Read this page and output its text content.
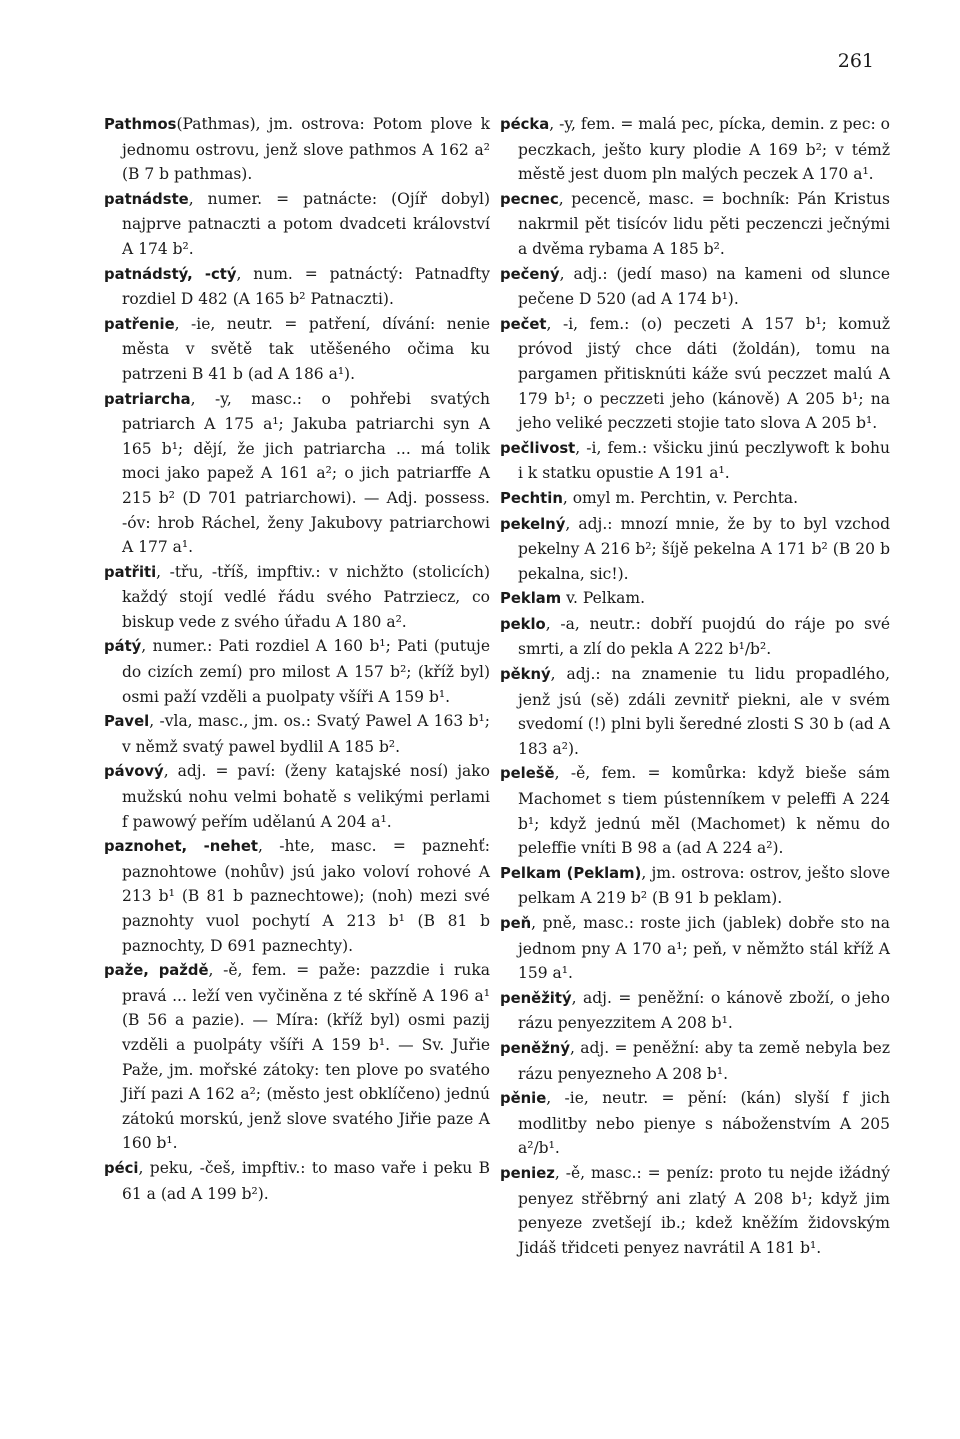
261

Pathmos(Pathmas), jm. ostrova: Potom plove k jednomu ostrovu, jenž slove pathmos A 162 a² (B 7 b pathmas).

patnádste, numer. = patnácte: (Ojíř dobyl) najprve patnaczti a potom dvadceti království A 174 b².

patnádstý, -ctý, num. = patnáctý: Patnadfty rozdiel D 482 (A 165 b² Patnaczti).

patřenie, -ie, neutr. = patření, dívání: nenie města v světě tak utěšeného očima ku patrzeni B 41 b (ad A 186 a¹).

patriarcha, -y, masc.: o pohřebi svatých patriarch A 175 a¹; Jakuba patriarchi syn A 165 b¹; dějí, že jich patriarcha ... má tolik moci jako papež A 161 a²; o jich patriarffe A 215 b² (D 701 patriarchowi). — Adj. possess. -óv: hrob Ráchel, ženy Jakubovy patriarchowi A 177 a¹.

patřiti, -třu, -tříš, impftiv.: v nichžto (stolicích) každý stojí vedlé řádu svého Patrziecz, co biskup vede z svého úřadu A 180 a².

pátý, numer.: Pati rozdiel A 160 b¹; Pati (putuje do cizích zemí) pro milost A 157 b²; (kříž byl) osmi paží vzděli a puolpaty všíři A 159 b¹.

Pavel, -vla, masc., jm. os.: Svatý Pawel A 163 b¹; v němž svatý pawel bydlil A 185 b².

pávový, adj. = paví: (ženy katajské nosí) jako mužskú nohu velmi bohatě s velikými perlami f pawowý peřím udělanú A 204 a¹.

paznohet, -nehet, -hte, masc. = paznehť: paznohtowe (nohův) jsú jako voloví rohové A 213 b¹ (B 81 b paznechtowe); (noh) mezi své paznohty vuol pochytí A 213 b¹ (B 81 b paznochty, D 691 paznechty).

paže, paždě, -ě, fem. = paže: pazzdie i ruka pravá ... leží ven vyčiněna z té skříně A 196 a¹ (B 56 a pazie). — Míra: (kříž byl) osmi pazij vzděli a puolpáty všíři A 159 b¹. — Sv. Juřie Paže, jm. mořské zátoky: ten plove po svatého Jiří pazi A 162 a²; (město jest obklíčeno) jednú zátokú morskú, jenž slove svatého Jiřie paze A 160 b¹.

péci, peku, -češ, impftiv.: to maso vaře i peku B 61 a (ad A 199 b²).

pécka, -y, fem. = malá pec, pícka, demin. z pec: o peczkach, ješto kury plodie A 169 b²; v témž městě jest duom pln malých peczek A 170 a¹.

pecnec, pecencě, masc. = bochník: Pán Kristus nakrmil pět tisícóv lidu pěti peczenczi ječnými a dvěma rybama A 185 b².

pečený, adj.: (jedí maso) na kameni od slunce pečene D 520 (ad A 174 b¹).

pečet, -i, fem.: (o) peczeti A 157 b¹; komuž próvod jistý chce dáti (žoldán), tomu na pargamen přitisknúti káže svú peczzet malú A 179 b¹; o peczzeti jeho (kánově) A 205 b¹; na jeho veliké peczzeti stojie tato slova A 205 b¹.

pečlivost, -i, fem.: všicku jinú peczlywoft k bohu i k statku opustie A 191 a¹.

Pechtin, omyl m. Perchtin, v. Perchta.

pekelný, adj.: mnozí mnie, že by to byl vzchod pekelny A 216 b²; šíjě pekelna A 171 b² (B 20 b pekalna, sic!).

Peklam v. Pelkam.

peklo, -a, neutr.: dobří puojdú do ráje po své smrti, a zlí do pekla A 222 b¹/b².

pěkný, adj.: na znamenie tu lidu propadlého, jenž jsú (sě) zdáli zevnitř piekni, ale v svém svedomí (!) plni byli šeredné zlosti S 30 b (ad A 183 a²).

pelešě, -ě, fem. = komůrka: když bieše sám Machomet s tiem pústenníkem v peleffi A 224 b¹; když jednú měl (Machomet) k němu do peleffie vníti B 98 a (ad A 224 a²).

Pelkam (Peklam), jm. ostrova: ostrov, ješto slove pelkam A 219 b² (B 91 b peklam).

peň, pně, masc.: roste jich (jablek) dobře sto na jednom pny A 170 a¹; peň, v němžto stál kříž A 159 a¹.

peněžitý, adj. = peněžní: o kánově zboží, o jeho rázu penyezzitem A 208 b¹.

peněžný, adj. = peněžní: aby ta země nebyla bez rázu penyezneho A 208 b¹.

pěnie, -ie, neutr. = pění: (kán) slyší f jich modlitby nebo pienye s náboženstvím A 205 a²/b¹.

peniez, -ě, masc.: = peníz: proto tu nejde ižádný penyez střěbrný ani zlatý A 208 b¹; když jim penyeze zvetšejí ib.; kdež kněžím židovským Jidáš třidceti penyez navrátil A 181 b¹.
